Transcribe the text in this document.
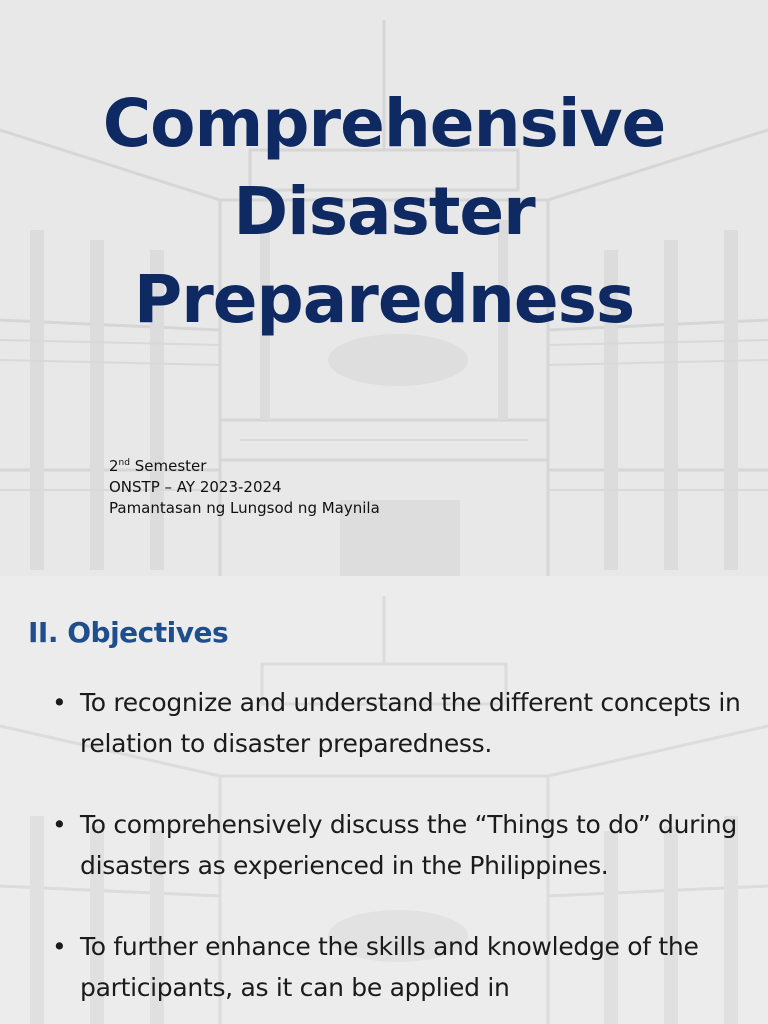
Comprehensive
Disaster
Preparedness
2nd Semester
ONSTP – AY 2023-2024
Pamantasan ng Lungsod ng Maynila
II. Objectives
• To recognize and understand the different concepts in relation to disaster preparedness.
• To comprehensively discuss the “Things to do” during disasters as experienced in the Philippines.
• To further enhance the skills and knowledge of the participants, as it can be applied in
